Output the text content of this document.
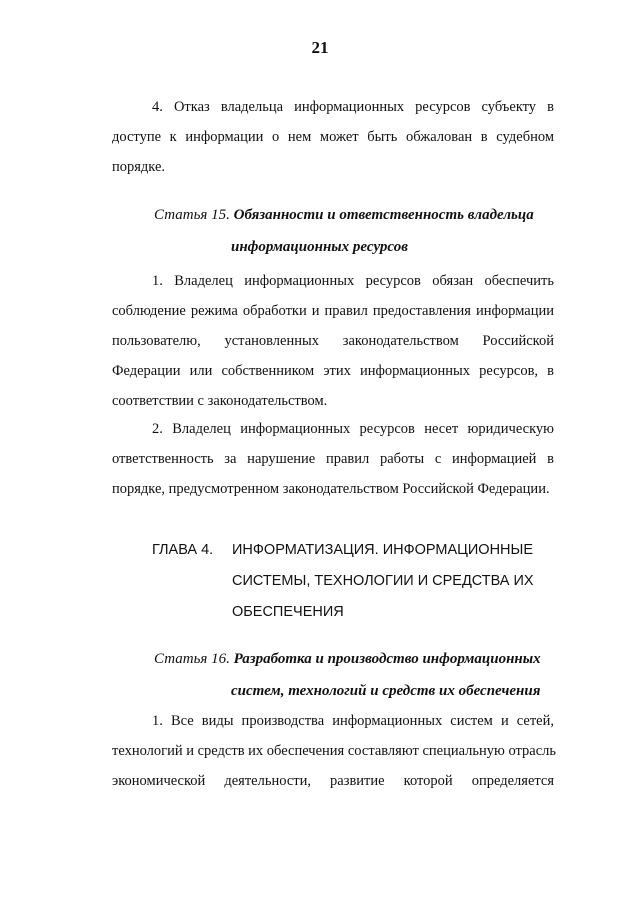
21
4. Отказ владельца информационных ресурсов субъекту в
доступе к информации о нем может быть обжалован в судебном
порядке.
Статья 15. Обязанности и ответственность владельца
информационных ресурсов
1. Владелец информационных ресурсов обязан обеспечить
соблюдение режима обработки и правил предоставления информации
пользователю, установленных законодательством Российской
Федерации или собственником этих информационных ресурсов, в
соответствии с законодательством.
2. Владелец информационных ресурсов несет юридическую
ответственность за нарушение правил работы с информацией в
порядке, предусмотренном законодательством Российской Федерации.
ГЛАВА 4.	ИНФОРМАТИЗАЦИЯ. ИНФОРМАЦИОННЫЕ
СИСТЕМЫ, ТЕХНОЛОГИИ И СРЕДСТВА ИХ
ОБЕСПЕЧЕНИЯ
Статья 16. Разработка и производство информационных
систем, технологий и средств их обеспечения
1. Все виды производства информационных систем и сетей,
технологий и средств их обеспечения составляют специальную отрасль
экономической деятельности, развитие которой определяется
